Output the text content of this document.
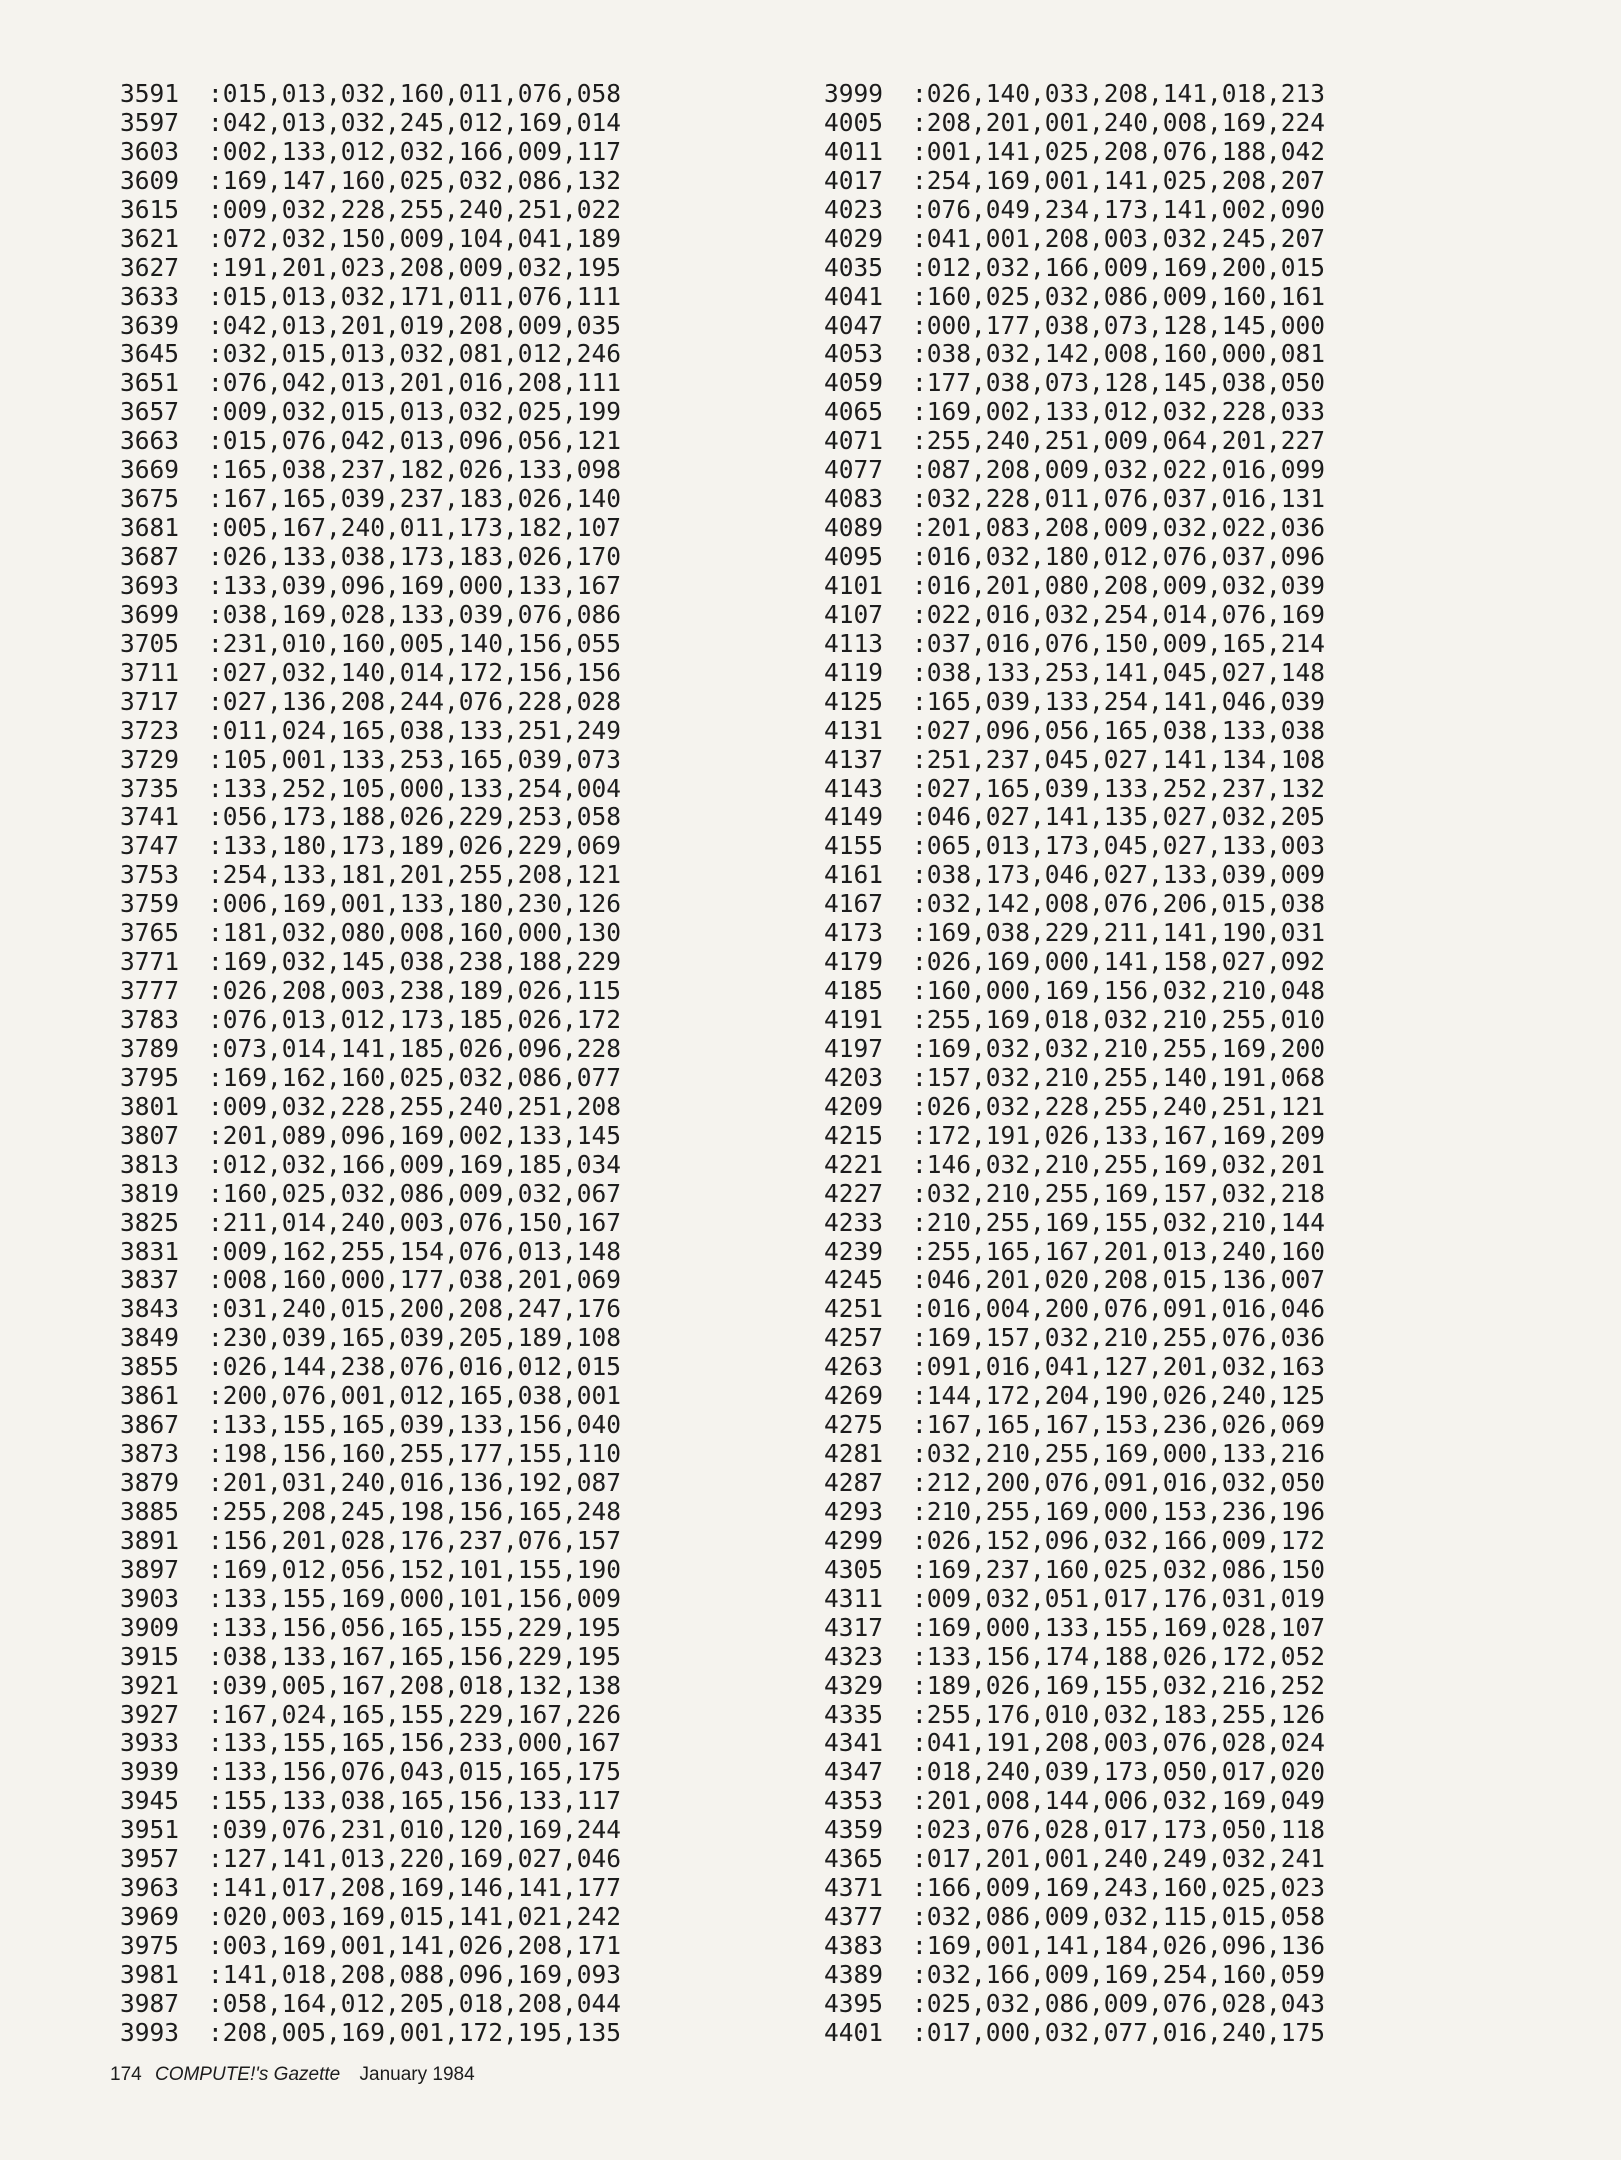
3591 :015,013,032,160,011,076,058
3597 :042,013,032,245,012,169,014
3603 :002,133,012,032,166,009,117
3609 :169,147,160,025,032,086,132
3615 :009,032,228,255,240,251,022
3621 :072,032,150,009,104,041,189
3627 :191,201,023,208,009,032,195
3633 :015,013,032,171,011,076,111
3639 :042,013,201,019,208,009,035
3645 :032,015,013,032,081,012,246
3651 :076,042,013,201,016,208,111
3657 :009,032,015,013,032,025,199
3663 :015,076,042,013,096,056,121
3669 :165,038,237,182,026,133,098
3675 :167,165,039,237,183,026,140
3681 :005,167,240,011,173,182,107
3687 :026,133,038,173,183,026,170
3693 :133,039,096,169,000,133,167
3699 :038,169,028,133,039,076,086
3705 :231,010,160,005,140,156,055
3711 :027,032,140,014,172,156,156
3717 :027,136,208,244,076,228,028
3723 :011,024,165,038,133,251,249
3729 :105,001,133,253,165,039,073
3735 :133,252,105,000,133,254,004
3741 :056,173,188,026,229,253,058
3747 :133,180,173,189,026,229,069
3753 :254,133,181,201,255,208,121
3759 :006,169,001,133,180,230,126
3765 :181,032,080,008,160,000,130
3771 :169,032,145,038,238,188,229
3777 :026,208,003,238,189,026,115
3783 :076,013,012,173,185,026,172
3789 :073,014,141,185,026,096,228
3795 :169,162,160,025,032,086,077
3801 :009,032,228,255,240,251,208
3807 :201,089,096,169,002,133,145
3813 :012,032,166,009,169,185,034
3819 :160,025,032,086,009,032,067
3825 :211,014,240,003,076,150,167
3831 :009,162,255,154,076,013,148
3837 :008,160,000,177,038,201,069
3843 :031,240,015,200,208,247,176
3849 :230,039,165,039,205,189,108
3855 :026,144,238,076,016,012,015
3861 :200,076,001,012,165,038,001
3867 :133,155,165,039,133,156,040
3873 :198,156,160,255,177,155,110
3879 :201,031,240,016,136,192,087
3885 :255,208,245,198,156,165,248
3891 :156,201,028,176,237,076,157
3897 :169,012,056,152,101,155,190
3903 :133,155,169,000,101,156,009
3909 :133,156,056,165,155,229,195
3915 :038,133,167,165,156,229,195
3921 :039,005,167,208,018,132,138
3927 :167,024,165,155,229,167,226
3933 :133,155,165,156,233,000,167
3939 :133,156,076,043,015,165,175
3945 :155,133,038,165,156,133,117
3951 :039,076,231,010,120,169,244
3957 :127,141,013,220,169,027,046
3963 :141,017,208,169,146,141,177
3969 :020,003,169,015,141,021,242
3975 :003,169,001,141,026,208,171
3981 :141,018,208,088,096,169,093
3987 :058,164,012,205,018,208,044
3993 :208,005,169,001,172,195,135
3999 :026,140,033,208,141,018,213
4005 :208,201,001,240,008,169,224
4011 :001,141,025,208,076,188,042
4017 :254,169,001,141,025,208,207
4023 :076,049,234,173,141,002,090
4029 :041,001,208,003,032,245,207
4035 :012,032,166,009,169,200,015
4041 :160,025,032,086,009,160,161
4047 :000,177,038,073,128,145,000
4053 :038,032,142,008,160,000,081
4059 :177,038,073,128,145,038,050
4065 :169,002,133,012,032,228,033
4071 :255,240,251,009,064,201,227
4077 :087,208,009,032,022,016,099
4083 :032,228,011,076,037,016,131
4089 :201,083,208,009,032,022,036
4095 :016,032,180,012,076,037,096
4101 :016,201,080,208,009,032,039
4107 :022,016,032,254,014,076,169
4113 :037,016,076,150,009,165,214
4119 :038,133,253,141,045,027,148
4125 :165,039,133,254,141,046,039
4131 :027,096,056,165,038,133,038
4137 :251,237,045,027,141,134,108
4143 :027,165,039,133,252,237,132
4149 :046,027,141,135,027,032,205
4155 :065,013,173,045,027,133,003
4161 :038,173,046,027,133,039,009
4167 :032,142,008,076,206,015,038
4173 :169,038,229,211,141,190,031
4179 :026,169,000,141,158,027,092
4185 :160,000,169,156,032,210,048
4191 :255,169,018,032,210,255,010
4197 :169,032,032,210,255,169,200
4203 :157,032,210,255,140,191,068
4209 :026,032,228,255,240,251,121
4215 :172,191,026,133,167,169,209
4221 :146,032,210,255,169,032,201
4227 :032,210,255,169,157,032,218
4233 :210,255,169,155,032,210,144
4239 :255,165,167,201,013,240,160
4245 :046,201,020,208,015,136,007
4251 :016,004,200,076,091,016,046
4257 :169,157,032,210,255,076,036
4263 :091,016,041,127,201,032,163
4269 :144,172,204,190,026,240,125
4275 :167,165,167,153,236,026,069
4281 :032,210,255,169,000,133,216
4287 :212,200,076,091,016,032,050
4293 :210,255,169,000,153,236,196
4299 :026,152,096,032,166,009,172
4305 :169,237,160,025,032,086,150
4311 :009,032,051,017,176,031,019
4317 :169,000,133,155,169,028,107
4323 :133,156,174,188,026,172,052
4329 :189,026,169,155,032,216,252
4335 :255,176,010,032,183,255,126
4341 :041,191,208,003,076,028,024
4347 :018,240,039,173,050,017,020
4353 :201,008,144,006,032,169,049
4359 :023,076,028,017,173,050,118
4365 :017,201,001,240,249,032,241
4371 :166,009,169,243,160,025,023
4377 :032,086,009,032,115,015,058
4383 :169,001,141,184,026,096,136
4389 :032,166,009,169,254,160,059
4395 :025,032,086,009,076,028,043
4401 :017,000,032,077,016,240,175
174 COMPUTE!'s Gazette January 1984
